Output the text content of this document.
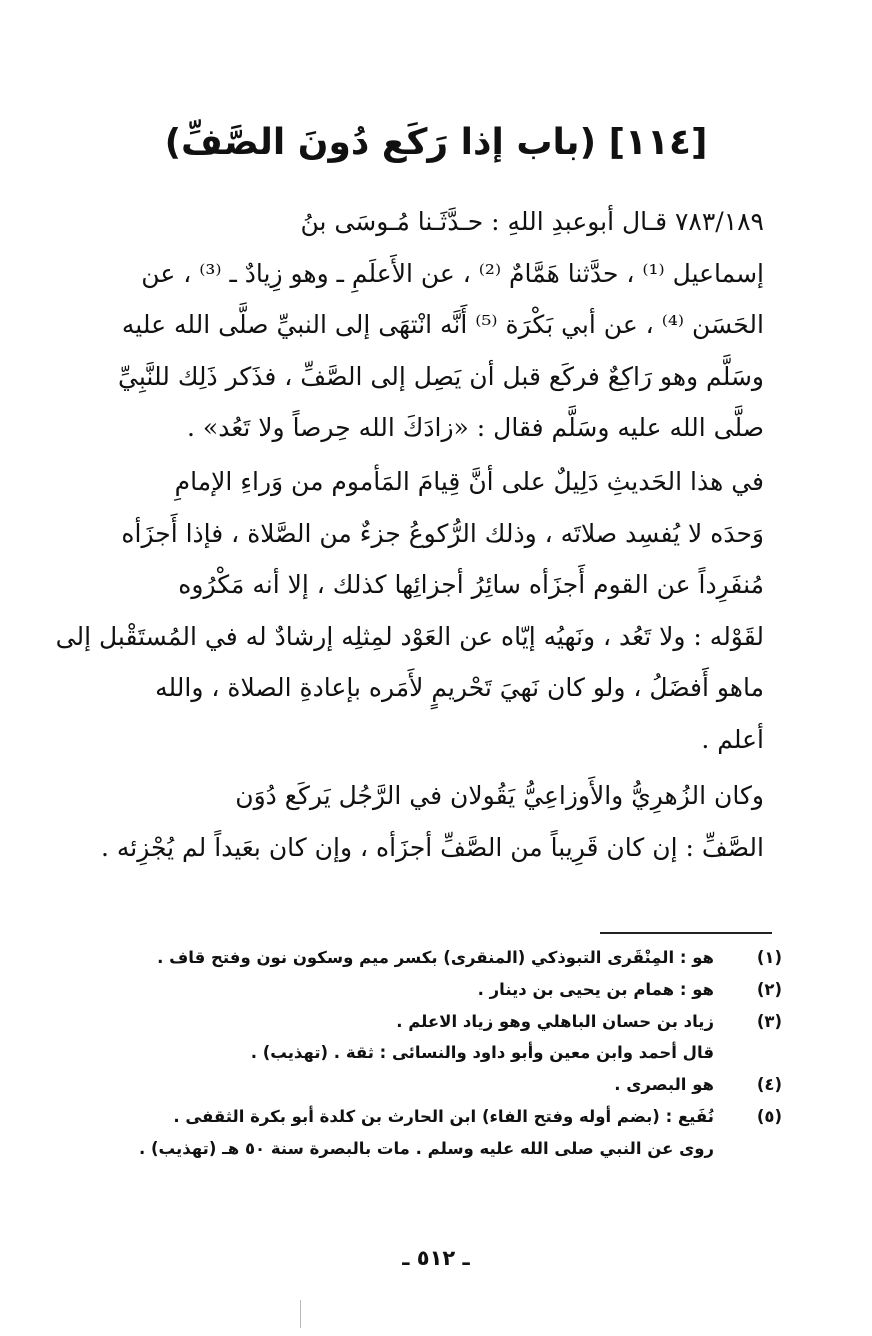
[١١٤] (باب إذا رَكَع دُونَ الصَّفِّ)
٧٨٣/١٨٩ قـال أبوعبدِ اللهِ : حـدَّثَـنا مُـوسَى بنُ
إسماعيل ⁽¹⁾ ، حدَّثنا هَمَّامٌ ⁽²⁾ ، عن الأَعلَمِ ـ وهو زِيادٌ ـ ⁽³⁾ ، عن
الحَسَن ⁽⁴⁾ ، عن أبي بَكْرَة ⁽⁵⁾ أَنَّه انْتهَى إلى النبيِّ صلَّى الله عليه
وسَلَّم وهو رَاكِعٌ فركَع قبل أن يَصِل إلى الصَّفِّ ، فذَكر ذَلِك للنَّبِيِّ
صلَّى الله عليه وسَلَّم فقال : «زادَكَ الله حِرصاً ولا تَعُد» .
في هذا الحَديثِ دَلِيلٌ على أنَّ قِيامَ المَأموم من وَراءِ الإمامِ
وَحدَه لا يُفسِد صلاتَه ، وذلك الرُّكوعُ جزءٌ من الصَّلاة ، فإذا أَجزَأه
مُنفَرِداً عن القوم أَجزَأه سائِرُ أجزائِها كذلك ، إلا أنه مَكْرُوه
لقَوْله : ولا تَعُد ، ونَهيُه إيّاه عن العَوْد لمِثلِه إرشادٌ له في المُستَقْبل إلى
ماهو أَفضَلُ ، ولو كان نَهيَ تَحْريمٍ لأَمَره بإعادةِ الصلاة ، والله
أعلم .
وكان الزُهرِيُّ والأَوزاعِيُّ يَقُولان في الرَّجُل يَركَع دُوَن
الصَّفِّ : إن كان قَرِيباً من الصَّفِّ أجزَأه ، وإن كان بعَيداً لم يُجْزِئه .
(١)
هو : المِنْقَرى التبوذكي (المنقرى) بكسر ميم وسكون نون وفتح قاف .
(٢)
هو : همام بن يحيى بن دينار .
(٣)
زياد بن حسان الباهلي وهو زياد الاعلم .
قال أحمد وابن معين وأبو داود والنسائى : ثقة . (تهذيب) .
(٤)
هو البصرى .
(٥)
نُفَيع : (بضم أوله وفتح الفاء) ابن الحارث بن كلدة أبو بكرة الثقفى .
روى عن النبي صلى الله عليه وسلم . مات بالبصرة سنة ٥٠ هـ (تهذيب) .
ـ ٥١٢ ـ
